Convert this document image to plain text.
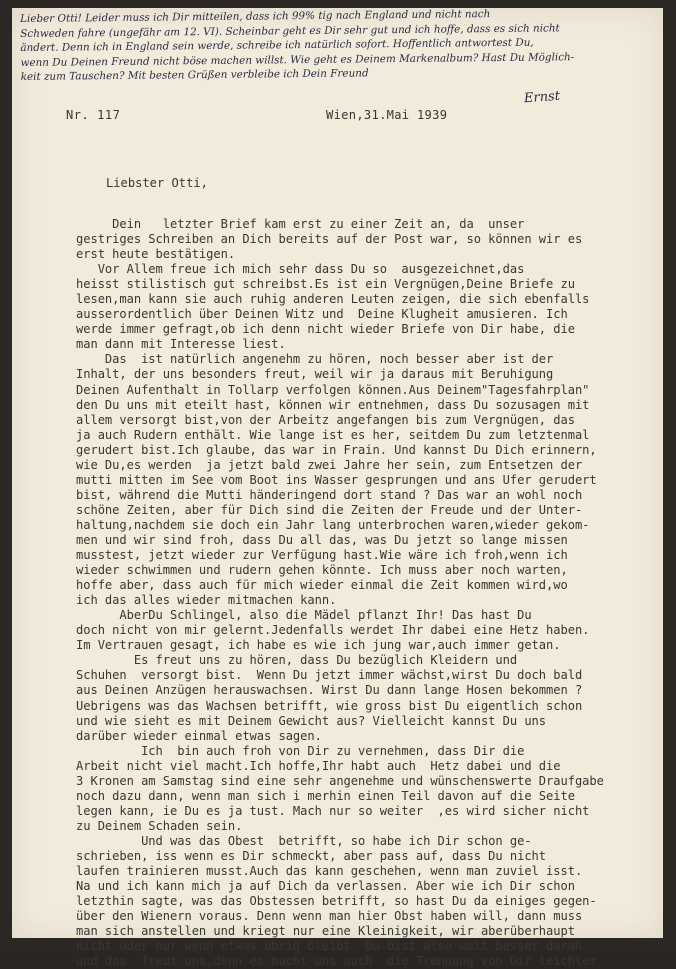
Lieber Otti! Leider muss ich Dir mitteilen, dass ich 99% tig nach England und nicht nach
Schweden fahre (ungefähr am 12. VI). Scheinbar geht es Dir sehr gut und ich hoffe, dass es sich nicht
ändert. Denn ich in England sein werde, schreibe ich natürlich sofort. Hoffentlich antwortest Du,
wenn Du Deinen Freund nicht böse machen willst. Wie geht es Deinem Markenalbum? Hast Du Möglich-
keit zum Tauschen? Mit besten Grüßen verbleibe ich Dein Freund
Ernst
Nr. 117	Wien,31.Mai 1939
Liebster Otti,
Dein   letzter Brief kam erst zu einer Zeit an, da  unser
gestriges Schreiben an Dich bereits auf der Post war, so können wir es
erst heute bestätigen.
Vor Allem freue ich mich sehr dass Du so  ausgezeichnet,das
heisst stilistisch gut schreibst.Es ist ein Vergnügen,Deine Briefe zu
lesen,man kann sie auch ruhig anderen Leuten zeigen, die sich ebenfalls
ausserordentlich über Deinen Witz und  Deine Klugheit amusieren. Ich
werde immer gefragt,ob ich denn nicht wieder Briefe von Dir habe, die
man dann mit Interesse liest.
Das  ist natürlich angenehm zu hören, noch besser aber ist der
Inhalt, der uns besonders freut, weil wir ja daraus mit Beruhigung
Deinen Aufenthalt in Tollarp verfolgen können.Aus Deinem"Tagesfahrplan"
den Du uns mit eteilt hast, können wir entnehmen, dass Du sozusagen mit
allem versorgt bist,von der Arbeitz angefangen bis zum Vergnügen, das
ja auch Rudern enthält. Wie lange ist es her, seitdem Du zum letztenmal
gerudert bist.Ich glaube, das war in Frain. Und kannst Du Dich erinnern,
wie Du,es werden  ja jetzt bald zwei Jahre her sein, zum Entsetzen der
mutti mitten im See vom Boot ins Wasser gesprungen und ans Ufer gerudert
bist, während die Mutti händeringend dort stand ? Das war an wohl noch
schöne Zeiten, aber für Dich sind die Zeiten der Freude und der Unter-
haltung,nachdem sie doch ein Jahr lang unterbrochen waren,wieder gekom-
men und wir sind froh, dass Du all das, was Du jetzt so lange missen
musstest, jetzt wieder zur Verfügung hast.Wie wäre ich froh,wenn ich
wieder schwimmen und rudern gehen könnte. Ich muss aber noch warten,
hoffe aber, dass auch für mich wieder einmal die Zeit kommen wird,wo
ich das alles wieder mitmachen kann.
AberDu Schlingel, also die Mädel pflanzt Ihr! Das hast Du
doch nicht von mir gelernt.Jedenfalls werdet Ihr dabei eine Hetz haben.
Im Vertrauen gesagt, ich habe es wie ich jung war,auch immer getan.
Es freut uns zu hören, dass Du bezüglich Kleidern und
Schuhen  versorgt bist.  Wenn Du jetzt immer wächst,wirst Du doch bald
aus Deinen Anzügen herauswachsen. Wirst Du dann lange Hosen bekommen ?
Uebrigens was das Wachsen betrifft, wie gross bist Du eigentlich schon
und wie sieht es mit Deinem Gewicht aus? Vielleicht kannst Du uns
darüber wieder einmal etwas sagen.
Ich  bin auch froh von Dir zu vernehmen, dass Dir die
Arbeit nicht viel macht.Ich hoffe,Ihr habt auch  Hetz dabei und die
3 Kronen am Samstag sind eine sehr angenehme und wünschenswerte Draufgabe
noch dazu dann, wenn man sich i merhin einen Teil davon auf die Seite
legen kann, ie Du es ja tust. Mach nur so weiter  ,es wird sicher nicht
zu Deinem Schaden sein.
Und was das Obest  betrifft, so habe ich Dir schon ge-
schrieben, iss wenn es Dir schmeckt, aber pass auf, dass Du nicht
laufen trainieren musst.Auch das kann geschehen, wenn man zuviel isst.
Na und ich kann mich ja auf Dich da verlassen. Aber wie ich Dir schon
letzthin sagte, was das Obstessen betrifft, so hast Du da einiges gegen-
über den Wienern voraus. Denn wenn man hier Obst haben will, dann muss
man sich anstellen und kriegt nur eine Kleinigkeit, wir aberüberhaupt
nicht oder nur wenn etwas übrig bleibt. Du bist also weit besser darah
und das  freut uns,denn es macht uns auch  die Trennung von Dir leichter
